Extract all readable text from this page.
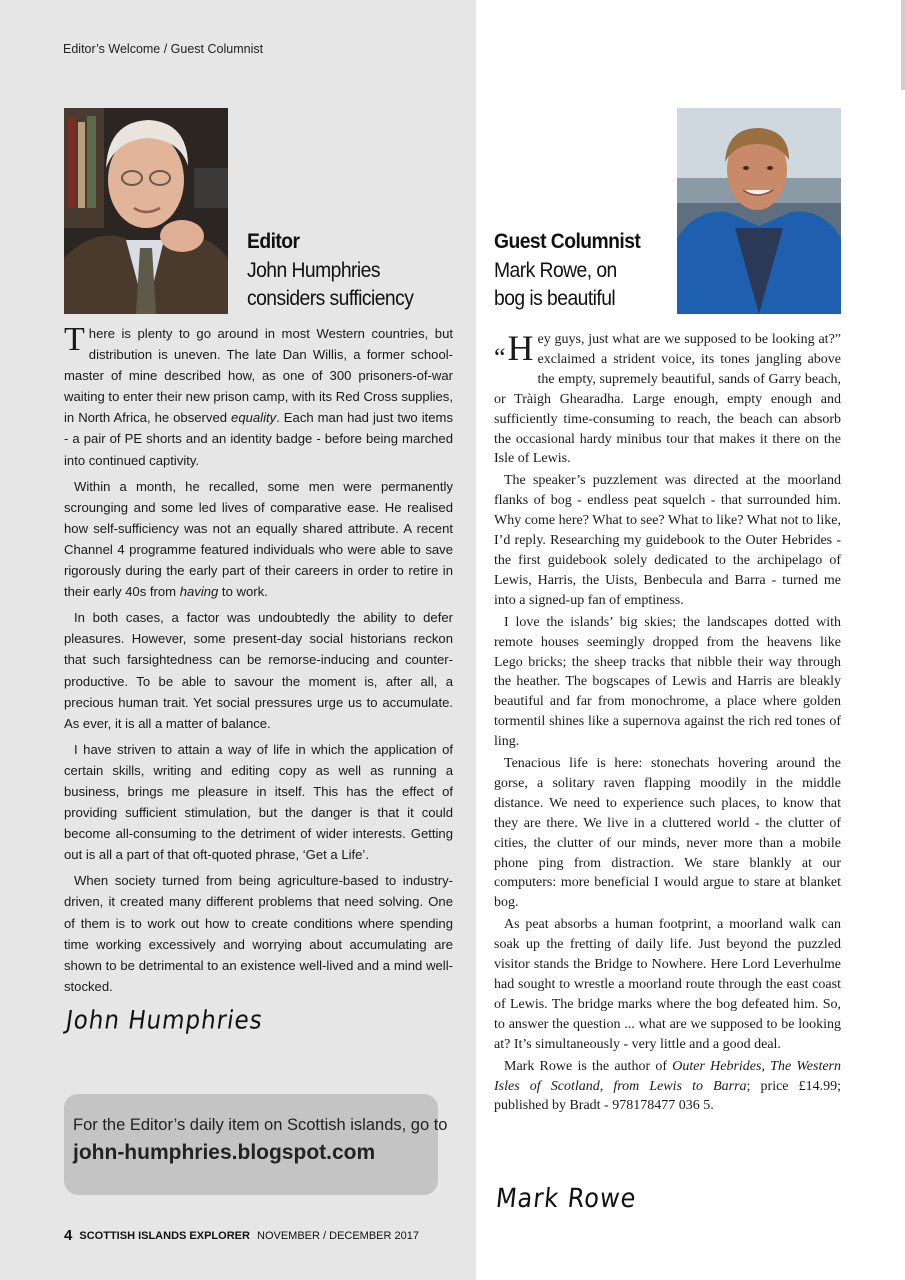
Editor’s Welcome / Guest Columnist
Editor
John Humphries
considers sufficiency

There is plenty to go around in most Western countries, but distribution is uneven. The late Dan Willis, a former school-master of mine described how, as one of 300 prisoners-of-war waiting to enter their new prison camp, with its Red Cross supplies, in North Africa, he observed equality. Each man had just two items - a pair of PE shorts and an identity badge - before being marched into continued captivity.

Within a month, he recalled, some men were permanently scrounging and some led lives of comparative ease. He realised how self-sufficiency was not an equally shared attribute. A recent Channel 4 programme featured individuals who were able to save rigorously during the early part of their careers in order to retire in their early 40s from having to work.

In both cases, a factor was undoubtedly the ability to defer pleasures. However, some present-day social historians reckon that such farsightedness can be remorse-inducing and counter-productive. To be able to savour the moment is, after all, a precious human trait. Yet social pressures urge us to accumulate. As ever, it is all a matter of balance.

I have striven to attain a way of life in which the application of certain skills, writing and editing copy as well as running a business, brings me pleasure in itself. This has the effect of providing sufficient stimulation, but the danger is that it could become all-consuming to the detriment of wider interests. Getting out is all a part of that oft-quoted phrase, ‘Get a Life’.

When society turned from being agriculture-based to industry-driven, it created many different problems that need solving. One of them is to work out how to create conditions where spending time working excessively and worrying about accumulating are shown to be detrimental to an existence well-lived and a mind well-stocked.

John Humphries
For the Editor’s daily item on Scottish islands, go to
john-humphries.blogspot.com
4 SCOTTISH ISLANDS EXPLORER NOVEMBER / DECEMBER 2017
Guest Columnist
Mark Rowe, on
bog is beautiful

“H ey guys, just what are we supposed to be looking at?” exclaimed a strident voice, its tones jangling above the empty, supremely beautiful, sands of Garry beach, or Tràigh Ghearadha. Large enough, empty enough and sufficiently time-consuming to reach, the beach can absorb the occasional hardy minibus tour that makes it there on the Isle of Lewis.

The speaker’s puzzlement was directed at the moorland flanks of bog - endless peat squelch - that surrounded him. Why come here? What to see? What to like? What not to like, I’d reply. Researching my guidebook to the Outer Hebrides - the first guidebook solely dedicated to the archipelago of Lewis, Harris, the Uists, Benbecula and Barra - turned me into a signed-up fan of emptiness.

I love the islands’ big skies; the landscapes dotted with remote houses seemingly dropped from the heavens like Lego bricks; the sheep tracks that nibble their way through the heather. The bogscapes of Lewis and Harris are bleakly beautiful and far from monochrome, a place where golden tormentil shines like a supernova against the rich red tones of ling.

Tenacious life is here: stonechats hovering around the gorse, a solitary raven flapping moodily in the middle distance. We need to experience such places, to know that they are there. We live in a cluttered world - the clutter of cities, the clutter of our minds, never more than a mobile phone ping from distraction. We stare blankly at our computers: more beneficial I would argue to stare at blanket bog.

As peat absorbs a human footprint, a moorland walk can soak up the fretting of daily life. Just beyond the puzzled visitor stands the Bridge to Nowhere. Here Lord Leverhulme had sought to wrestle a moorland route through the east coast of Lewis. The bridge marks where the bog defeated him. So, to answer the question ... what are we supposed to be looking at? It’s simultaneously - very little and a good deal.

Mark Rowe is the author of Outer Hebrides, The Western Isles of Scotland, from Lewis to Barra; price £14.99; published by Bradt - 978178477 036 5.

Mark Rowe
